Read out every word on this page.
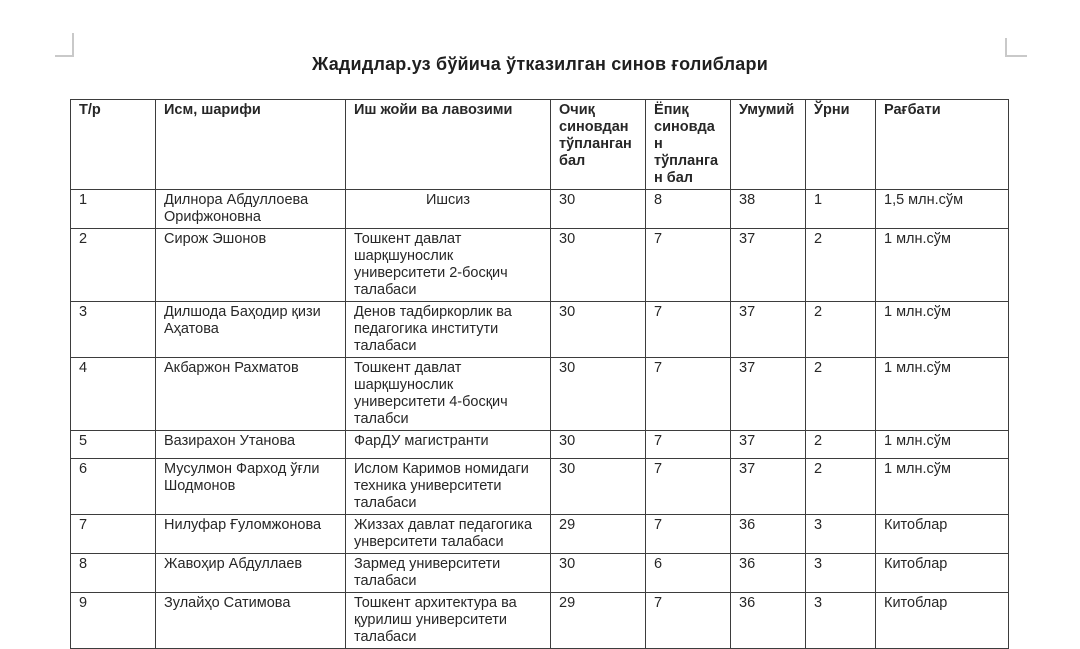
Жадидлар.уз бўйича ўтказилган синов ғолиблари
Т/р	Исм, шарифи	Иш жойи ва лавозими	Очиқ синовдан тўпланган бал	Ёпиқ синовдан тўпланган бал	Умумий	Ўрни	Рағбати
1	Дилнора Абдуллоева Орифжоновна	Ишсиз	30	8	38	1	1,5 млн.сўм
2	Сирож Эшонов	Тошкент давлат шарқшунослик университети 2-босқич талабаси	30	7	37	2	1 млн.сўм
3	Дилшода Баҳодир қизи Аҳатова	Денов тадбиркорлик ва педагогика институти талабаси	30	7	37	2	1 млн.сўм
4	Акбаржон Рахматов	Тошкент давлат шарқшунослик университети 4-босқич талабси	30	7	37	2	1 млн.сўм
5	Вазирахон Утанова	ФарДУ магистранти	30	7	37	2	1 млн.сўм
6	Мусулмон Фарход ўғли Шодмонов	Ислом Каримов номидаги техника университети талабаси	30	7	37	2	1 млн.сўм
7	Нилуфар Ғуломжонова	Жиззах давлат педагогика унверситети талабаси	29	7	36	3	Китоблар
8	Жавоҳир Абдуллаев	Зармед университети талабаси	30	6	36	3	Китоблар
9	Зулайҳо Сатимова	Тошкент архитектура ва қурилиш университети талабаси	29	7	36	3	Китоблар
